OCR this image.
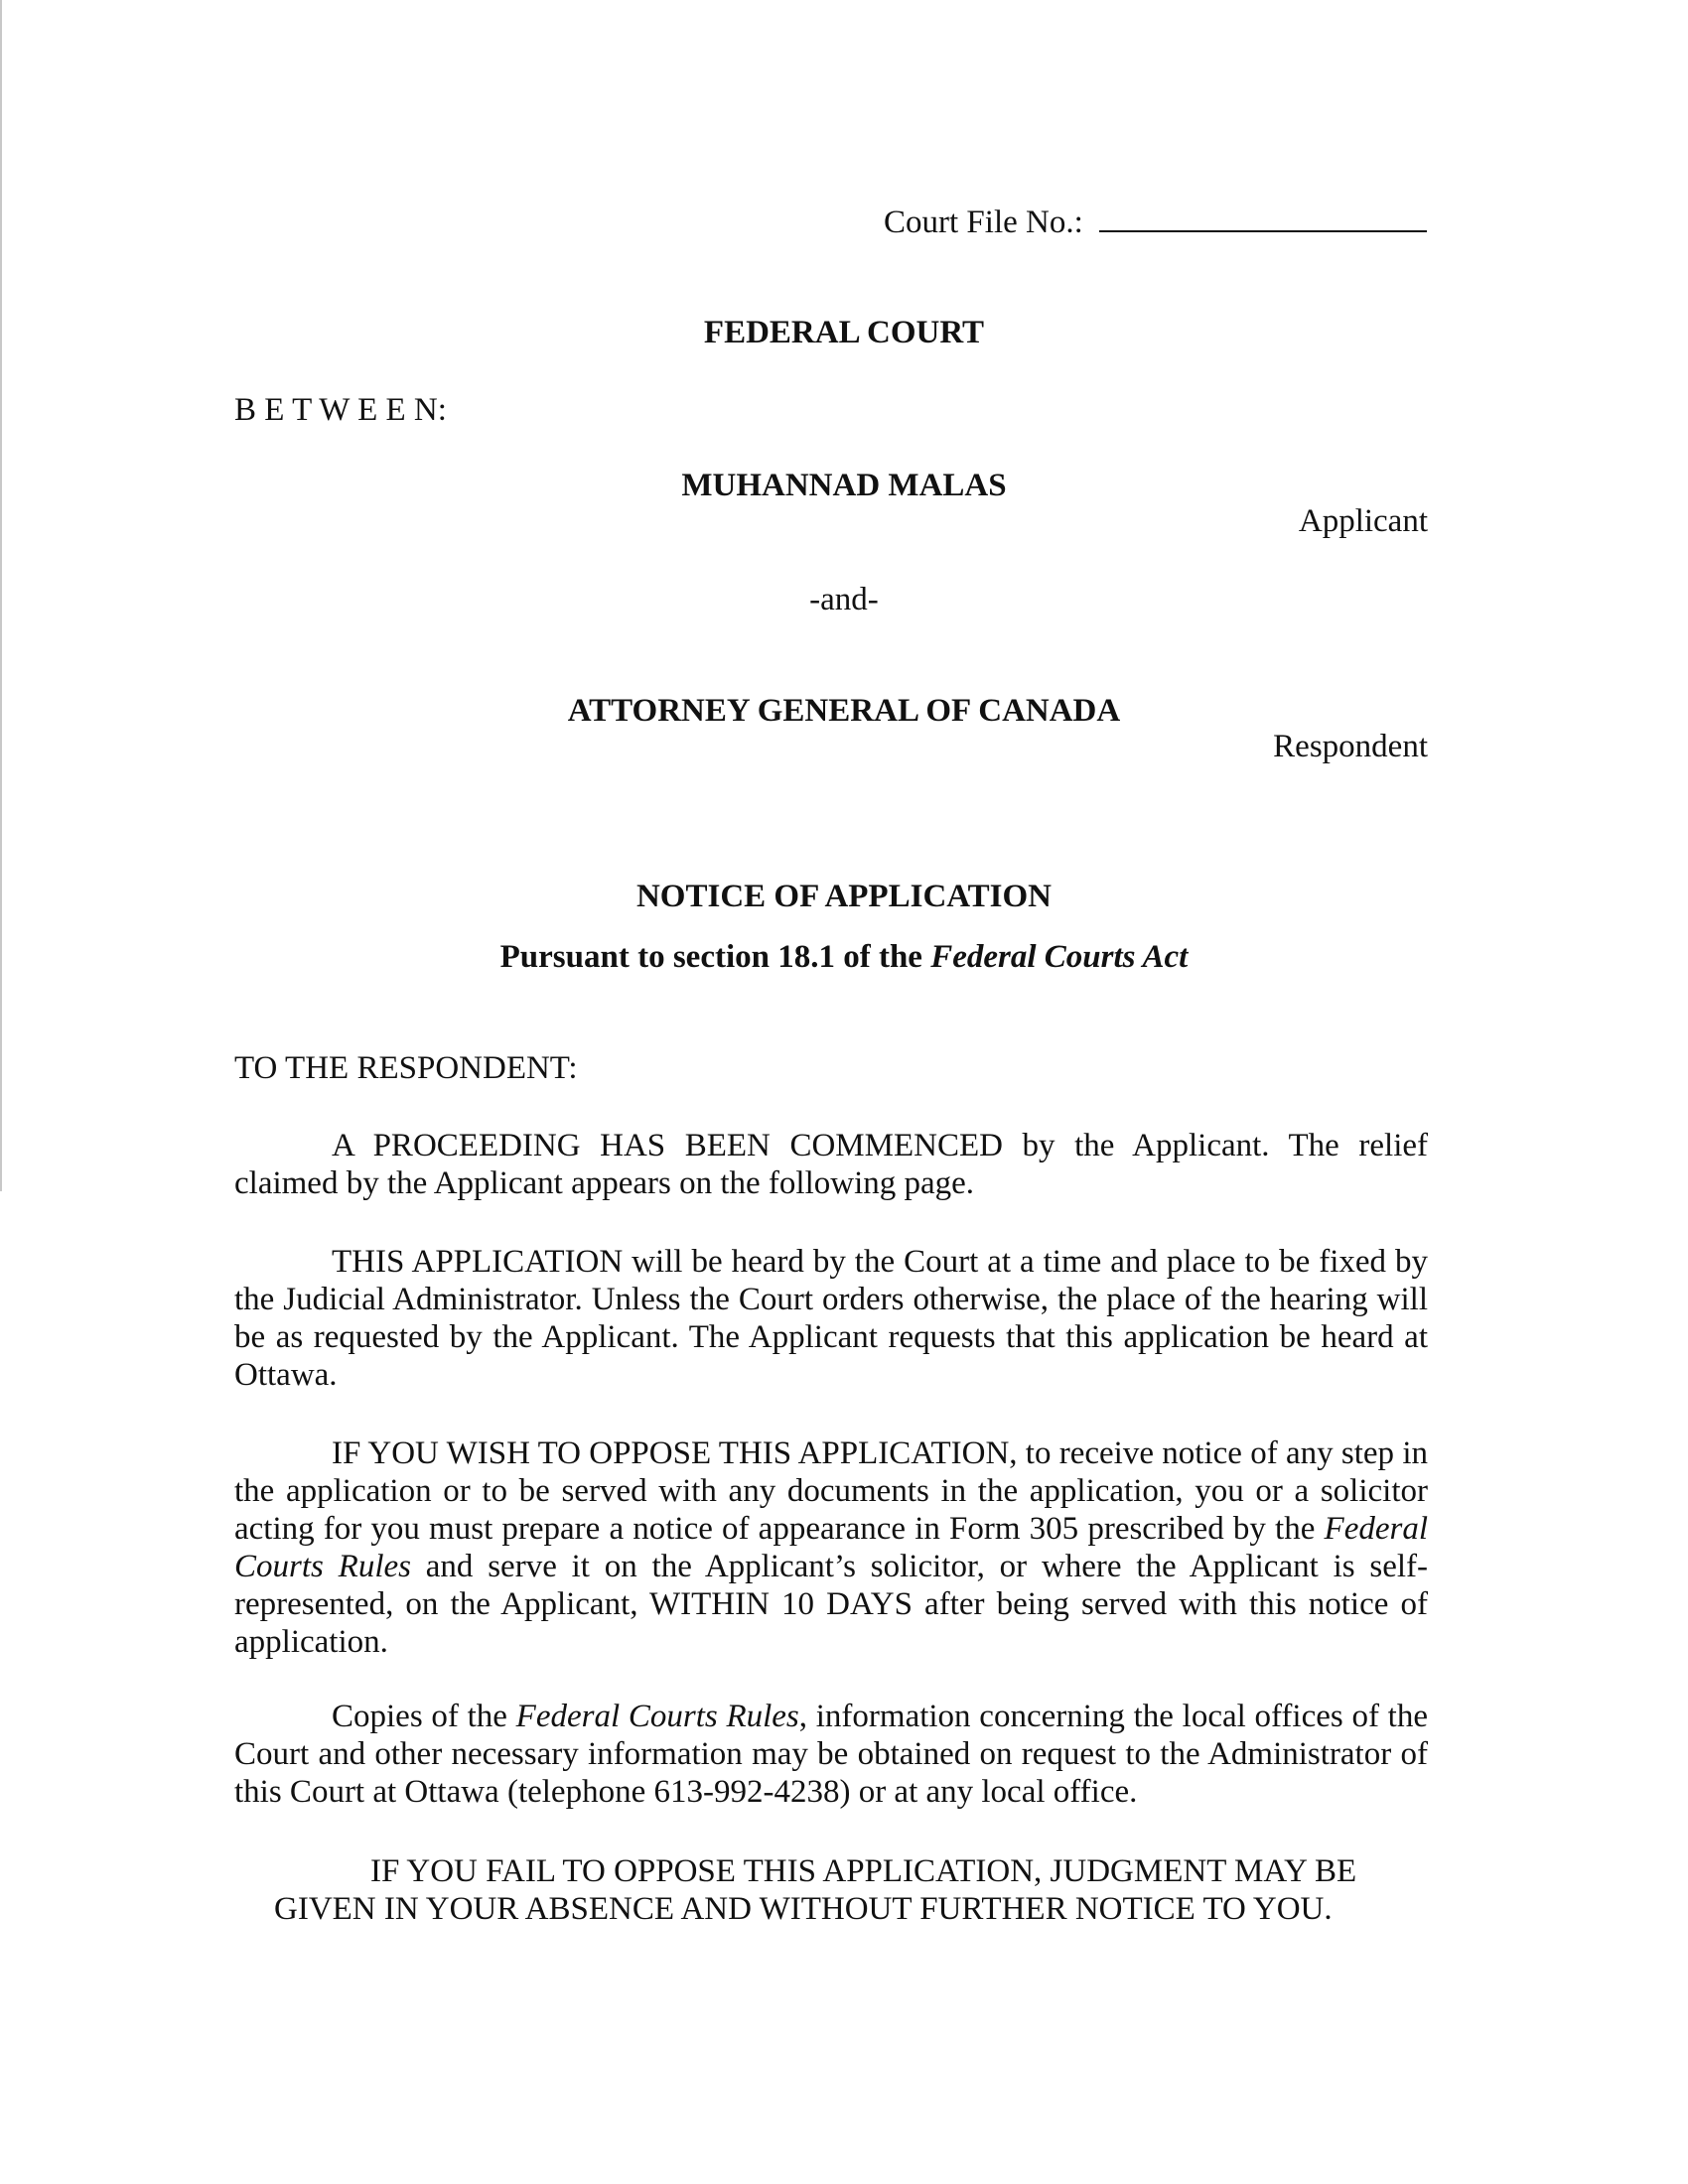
Court File No.:
FEDERAL COURT
B E T W E E N:
MUHANNAD MALAS
Applicant
-and-
ATTORNEY GENERAL OF CANADA
Respondent
NOTICE OF APPLICATION
Pursuant to section 18.1 of the Federal Courts Act
TO THE RESPONDENT:
A PROCEEDING HAS BEEN COMMENCED by the Applicant. The relief claimed by the Applicant appears on the following page.
THIS APPLICATION will be heard by the Court at a time and place to be fixed by the Judicial Administrator. Unless the Court orders otherwise, the place of the hearing will be as requested by the Applicant. The Applicant requests that this application be heard at Ottawa.
IF YOU WISH TO OPPOSE THIS APPLICATION, to receive notice of any step in the application or to be served with any documents in the application, you or a solicitor acting for you must prepare a notice of appearance in Form 305 prescribed by the Federal Courts Rules and serve it on the Applicant’s solicitor, or where the Applicant is self-represented, on the Applicant, WITHIN 10 DAYS after being served with this notice of application.
Copies of the Federal Courts Rules, information concerning the local offices of the Court and other necessary information may be obtained on request to the Administrator of this Court at Ottawa (telephone 613-992-4238) or at any local office.
IF YOU FAIL TO OPPOSE THIS APPLICATION, JUDGMENT MAY BE
GIVEN IN YOUR ABSENCE AND WITHOUT FURTHER NOTICE TO YOU.
